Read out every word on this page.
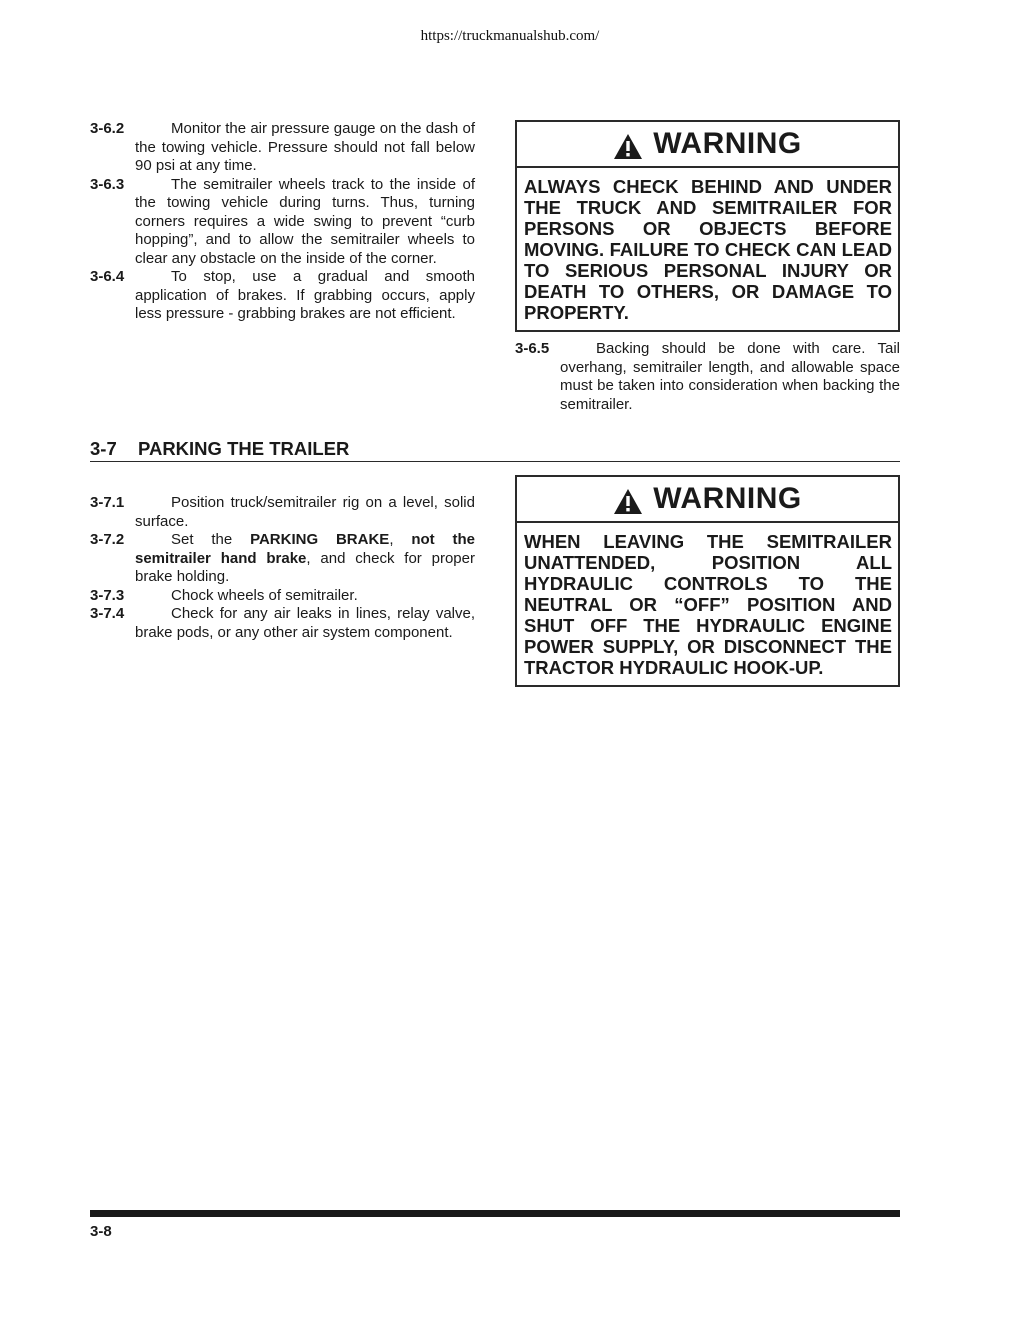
https://truckmanualshub.com/

3-6.2	Monitor the air pressure gauge on the dash of the towing vehicle. Pressure should not fall below 90 psi at any time.

3-6.3	The semitrailer wheels track to the inside of the towing vehicle during turns. Thus, turning corners requires a wide swing to prevent “curb hopping”, and to allow the semitrailer wheels to clear any obstacle on the inside of the corner.

3-6.4	To stop, use a gradual and smooth application of brakes. If grabbing occurs, apply less pressure - grabbing brakes are not efficient.

WARNING
ALWAYS CHECK BEHIND AND UNDER THE TRUCK AND SEMITRAILER FOR PERSONS OR OBJECTS BEFORE MOVING. FAILURE TO CHECK CAN LEAD TO SERIOUS PERSONAL INJURY OR DEATH TO OTHERS, OR DAMAGE TO PROPERTY.

3-6.5	Backing should be done with care. Tail overhang, semitrailer length, and allowable space must be taken into consideration when backing the semitrailer.

3-7 PARKING THE TRAILER

3-7.1	Position truck/semitrailer rig on a level, solid surface.

3-7.2	Set the PARKING BRAKE, not the semitrailer hand brake, and check for proper brake holding.

3-7.3	Chock wheels of semitrailer.

3-7.4	Check for any air leaks in lines, relay valve, brake pods, or any other air system component.

WARNING
WHEN LEAVING THE SEMITRAILER UNATTENDED, POSITION ALL HYDRAULIC CONTROLS TO THE NEUTRAL OR “OFF” POSITION AND SHUT OFF THE HYDRAULIC ENGINE POWER SUPPLY, OR DISCONNECT THE TRACTOR HYDRAULIC HOOK-UP.
3-8
